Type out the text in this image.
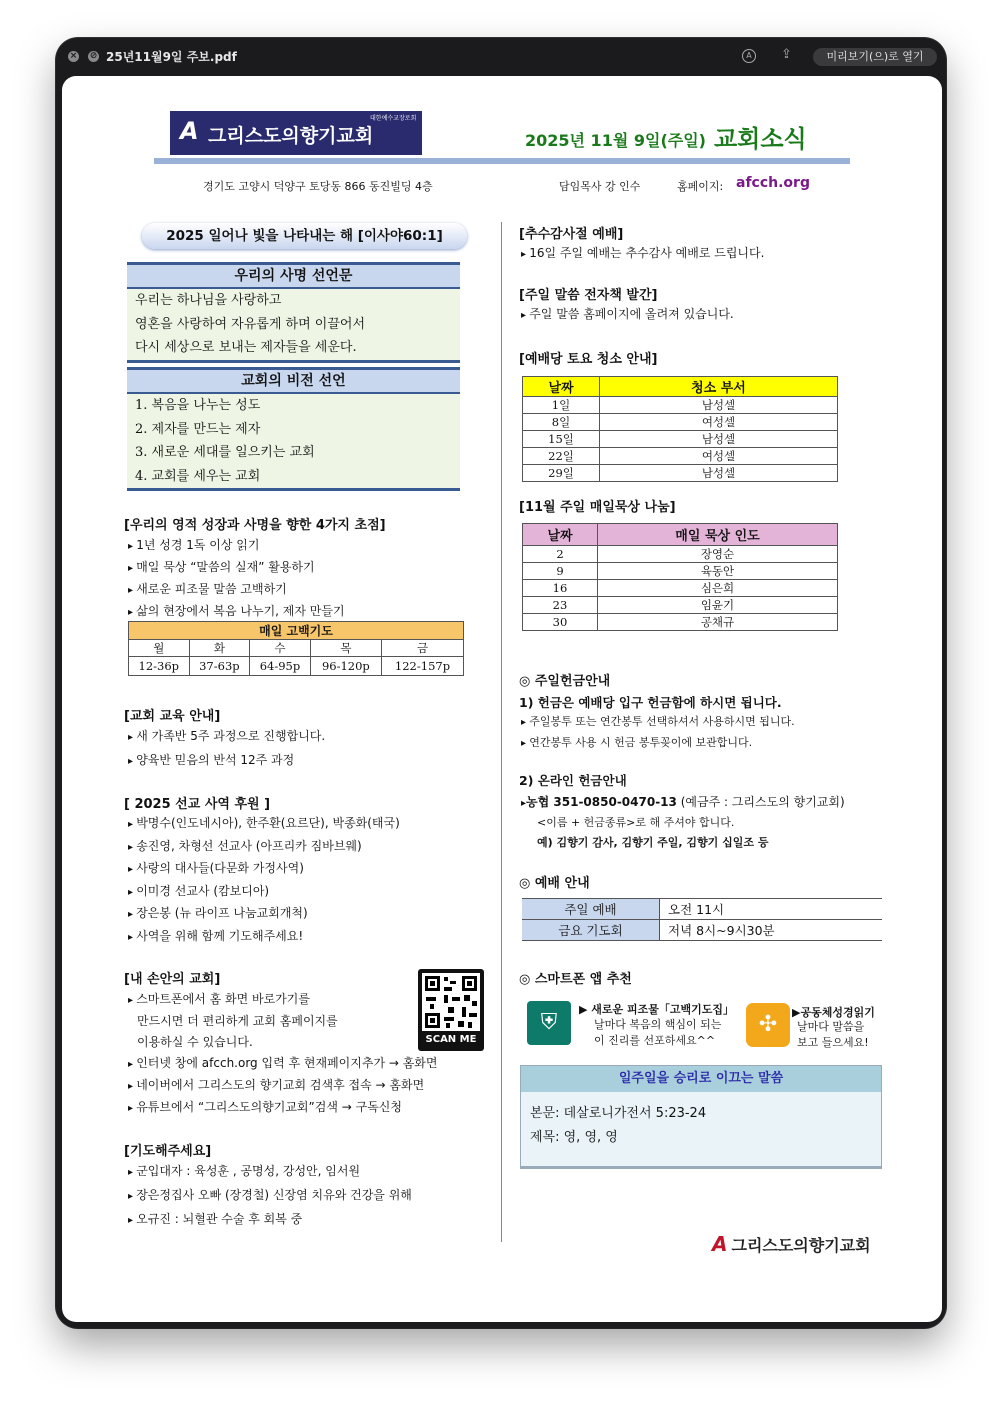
× ⊘ 25년11월9일 주보.pdf	A	⇪	미리보기(으)로 열기
A 그리스도의향기교회
대한예수교장로회
2025년 11월 9일(주일) 교회소식
경기도 고양시 덕양구 토당동 866 동진빌딩 4층	담임목사 강 인수	홈페이지: afcch.org
2025 일어나 빛을 나타내는 해 [이사야60:1]
우리의 사명 선언문
우리는 하나님을 사랑하고
영혼을 사랑하여 자유롭게 하며 이끌어서
다시 세상으로 보내는 제자들을 세운다.
교회의 비전 선언
1. 복음을 나누는 성도
2. 제자를 만드는 제자
3. 새로운 세대를 일으키는 교회
4. 교회를 세우는 교회
[우리의 영적 성장과 사명을 향한 4가지 초점]
▸ 1년 성경 1독 이상 읽기
▸ 매일 묵상 “말씀의 실재” 활용하기
▸ 새로운 피조물 말씀 고백하기
▸ 삶의 현장에서 복음 나누기, 제자 만들기
매일 고백기도				
월	화	수	목	금
12-36p	37-63p	64-95p	96-120p	122-157p
[교회 교육 안내]
▸ 새 가족반 5주 과정으로 진행합니다.
▸ 양육반 믿음의 반석 12주 과정
[ 2025 선교 사역 후원 ]
▸ 박명수(인도네시아), 한주환(요르단), 박종화(태국)
▸ 송진영, 차형선 선교사 (아프리카 짐바브웨)
▸ 사랑의 대사들(다문화 가정사역)
▸ 이미경 선교사 (캄보디아)
▸ 장은봉 (뉴 라이프 나눔교회개척)
▸ 사역을 위해 함께 기도해주세요!
[내 손안의 교회]
▸ 스마트폰에서 홈 화면 바로가기를
만드시면 더 편리하게 교회 홈페이지를
이용하실 수 있습니다.
▸ 인터넷 창에 afcch.org 입력 후 현재페이지추가 → 홈화면
▸ 네이버에서 그리스도의 향기교회 검색후 접속 → 홈화면
▸ 유튜브에서 “그리스도의향기교회”검색 → 구독신청
SCAN ME
[기도해주세요]
▸ 군입대자 : 육성훈 , 공명성, 강성안, 임서원
▸ 장은정집사 오빠 (장경철) 신장염 치유와 건강을 위해
▸ 오규진 : 뇌혈관 수술 후 회복 중
[추수감사절 예배]
▸ 16일 주일 예배는 추수감사 예배로 드립니다.
[주일 말씀 전자책 발간]
▸ 주일 말씀 홈페이지에 올려져 있습니다.
[예배당 토요 청소 안내]
날짜	청소 부서
1일	남성셀
8일	여성셀
15일	남성셀
22일	여성셀
29일	남성셀
[11월 주일 매일묵상 나눔]
날짜	매일 묵상 인도
2	장영순
9	육동안
16	심은희
23	임윤기
30	공채규
◎ 주일헌금안내
1) 헌금은 예배당 입구 헌금함에 하시면 됩니다.
▸ 주일봉투 또는 연간봉투 선택하셔서 사용하시면 됩니다.
▸ 연간봉투 사용 시 헌금 봉투꽂이에 보관합니다.
2) 온라인 헌금안내
▸농협 351-0850-0470-13 (예금주 : 그리스도의 향기교회)
<이름 + 헌금종류>로 해 주셔야 합니다.
예) 김향기 감사, 김향기 주일, 김향기 십일조 등
◎ 예배 안내
주일 예배	오전 11시
금요 기도회	저녁 8시~9시30분
◎ 스마트폰 앱 추천
⛨
▶ 새로운 피조물「고백기도집」
날마다 복음의 핵심이 되는
이 진리를 선포하세요^^
✣	▶공동체성경읽기
날마다 말씀을
보고 들으세요!
일주일을 승리로 이끄는 말씀
본문: 데살로니가전서 5:23-24
제목: 영, 영, 영
A 그리스도의향기교회
